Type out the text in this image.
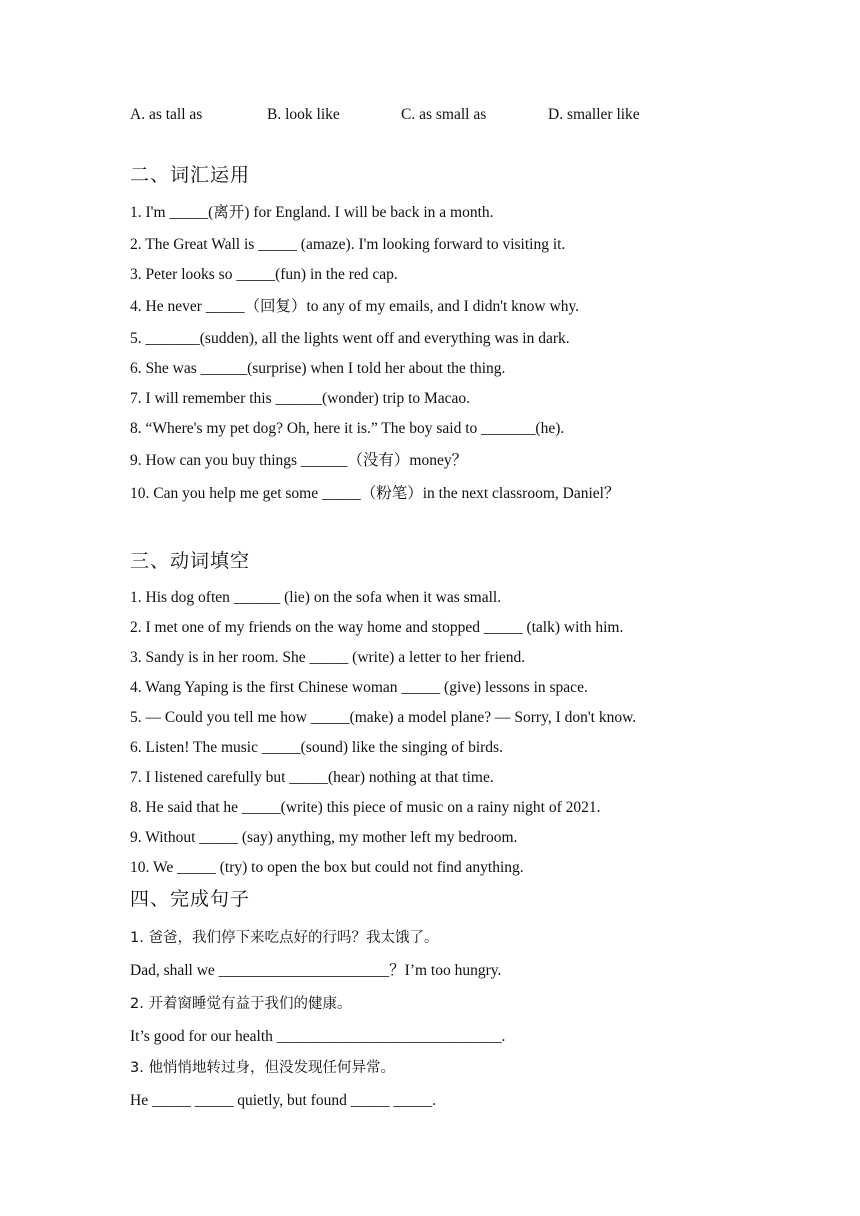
A. as tall as	B. look like	C. as small as	D. smaller like
二、词汇运用
1. I'm _____(离开) for England. I will be back in a month.
2. The Great Wall is _____ (amaze). I'm looking forward to visiting it.
3. Peter looks so _____(fun) in the red cap.
4. He never _____（回复）to any of my emails, and I didn't know why.
5. _______(sudden), all the lights went off and everything was in dark.
6. She was ______(surprise) when I told her about the thing.
7. I will remember this ______(wonder) trip to Macao.
8. “Where's my pet dog? Oh, here it is.” The boy said to _______(he).
9. How can you buy things ______（没有）money？
10. Can you help me get some _____（粉笔）in the next classroom, Daniel？
三、动词填空
1. His dog often ______ (lie) on the sofa when it was small.
2. I met one of my friends on the way home and stopped _____ (talk) with him.
3. Sandy is in her room. She _____ (write) a letter to her friend.
4. Wang Yaping is the first Chinese woman _____ (give) lessons in space.
5. — Could you tell me how _____(make) a model plane? — Sorry, I don't know.
6. Listen! The music _____(sound) like the singing of birds.
7. I listened carefully but _____(hear) nothing at that time.
8. He said that he _____(write) this piece of music on a rainy night of 2021.
9. Without _____ (say) anything, my mother left my bedroom.
10. We _____ (try) to open the box but could not find anything.
四、完成句子
1. 爸爸，我们停下来吃点好的行吗？我太饿了。
Dad, shall we ______________________？I’m too hungry.
2. 开着窗睡觉有益于我们的健康。
It’s good for our health _____________________________.
3. 他悄悄地转过身，但没发现任何异常。
He _____ _____ quietly, but found _____ _____.
